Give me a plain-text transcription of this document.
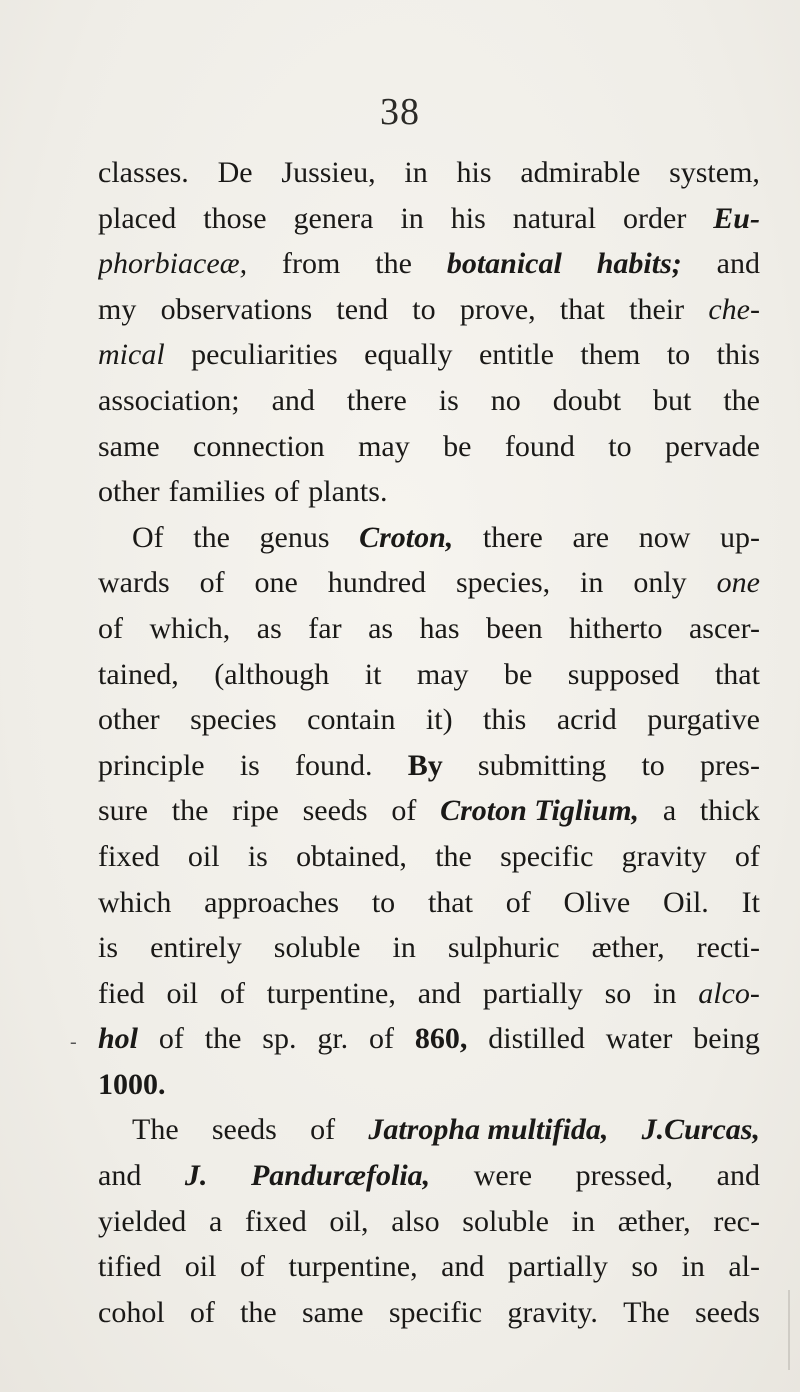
38
classes. De Jussieu, in his admirable system,
placed those genera in his natural order Eu-
phorbiaceæ, from the botanical habits; and
my observations tend to prove, that their che-
mical peculiarities equally entitle them to this
association; and there is no doubt but the
same connection may be found to pervade
other families of plants.
Of the genus Croton, there are now up-
wards of one hundred species, in only one
of which, as far as has been hitherto ascer-
tained, (although it may be supposed that
other species contain it) this acrid purgative
principle is found. By submitting to pres-
sure the ripe seeds of Croton Tiglium, a thick
fixed oil is obtained, the specific gravity of
which approaches to that of Olive Oil. It
is entirely soluble in sulphuric æther, recti-
fied oil of turpentine, and partially so in alco-
hol of the sp. gr. of 860, distilled water being
1000.
The seeds of Jatropha multifida, J.Curcas,
and J. Panduræfolia, were pressed, and
yielded a fixed oil, also soluble in æther, rec-
tified oil of turpentine, and partially so in al-
cohol of the same specific gravity. The seeds
‐
